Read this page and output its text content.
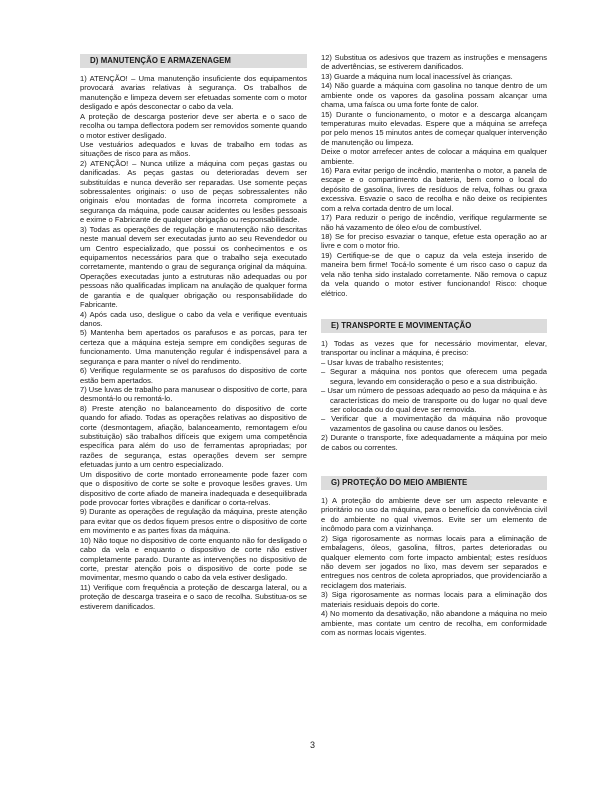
D) MANUTENÇÃO E ARMAZENAGEM

1) ATENÇÃO! – Uma manutenção insuficiente dos equipamentos provocará avarias relativas à segurança. Os trabalhos de manutenção e limpeza devem ser efetuadas somente com o motor desligado e após desconectar o cabo da vela.

A proteção de descarga posterior deve ser aberta e o saco de recolha ou tampa deflectora podem ser removidos somente quando o motor estiver desligado.

Use vestuários adequados e luvas de trabalho em todas as situações de risco para as mãos.

2) ATENÇÃO! – Nunca utilize a máquina com peças gastas ou danificadas. As peças gastas ou deterioradas devem ser substituídas e nunca deverão ser reparadas. Use somente peças sobressalentes originais: o uso de peças sobressalentes não originais e/ou montadas de forma incorreta compromete a segurança da máquina, pode causar acidentes ou lesões pessoais e exime o Fabricante de qualquer obrigação ou responsabilidade.

3) Todas as operações de regulação e manutenção não descritas neste manual devem ser executadas junto ao seu Revendedor ou um Centro especializado, que possui os conhecimentos e os equipamentos necessários para que o trabalho seja executado corretamente, mantendo o grau de segurança original da máquina. Operações executadas junto a estruturas não adequadas ou por pessoas não qualificadas implicam na anulação de qualquer forma de garantia e de qualquer obrigação ou responsabilidade do Fabricante.

4) Após cada uso, desligue o cabo da vela e verifique eventuais danos.

5) Mantenha bem apertados os parafusos e as porcas, para ter certeza que a máquina esteja sempre em condições seguras de funcionamento. Uma manutenção regular é indispensável para a segurança e para manter o nível do rendimento.

6) Verifique regularmente se os parafusos do dispositivo de corte estão bem apertados.

7) Use luvas de trabalho para manusear o dispositivo de corte, para desmontá-lo ou remontá-lo.

8) Preste atenção no balanceamento do dispositivo de corte quando for afiado. Todas as operações relativas ao dispositivo de corte (desmontagem, afiação, balanceamento, remontagem e/ou substituição) são trabalhos difíceis que exigem uma competência específica para além do uso de ferramentas apropriadas; por razões de segurança, estas operações devem ser sempre efetuadas junto a um centro especializado.

Um dispositivo de corte montado erroneamente pode fazer com que o dispositivo de corte se solte e provoque lesões graves. Um dispositivo de corte afiado de maneira inadequada e desequilibrada pode provocar fortes vibrações e danificar o corta-relvas.

9) Durante as operações de regulação da máquina, preste atenção para evitar que os dedos fiquem presos entre o dispositivo de corte em movimento e as partes fixas da máquina.

10) Não toque no dispositivo de corte enquanto não for desligado o cabo da vela e enquanto o dispositivo de corte não estiver completamente parado. Durante as intervenções no dispositivo de corte, prestar atenção pois o dispositivo de corte pode se movimentar, mesmo quando o cabo da vela estiver desligado.

11) Verifique com frequência a proteção de descarga lateral, ou a proteção de descarga traseira e o saco de recolha. Substitua-os se estiverem danificados.

12) Substitua os adesivos que trazem as instruções e mensagens de advertências, se estiverem danificados.

13) Guarde a máquina num local inacessível às crianças.

14) Não guarde a máquina com gasolina no tanque dentro de um ambiente onde os vapores da gasolina possam alcançar uma chama, uma faísca ou uma forte fonte de calor.

15) Durante o funcionamento, o motor e a descarga alcançam temperaturas muito elevadas. Espere que a máquina se arrefeça por pelo menos 15 minutos antes de começar qualquer intervenção de manutenção ou limpeza.

Deixe o motor arrefecer antes de colocar a máquina em qualquer ambiente.

16) Para evitar perigo de incêndio, mantenha o motor, a panela de escape e o compartimento da bateria, bem como o local do depósito de gasolina, livres de resíduos de relva, folhas ou graxa excessiva. Esvazie o saco de recolha e não deixe os recipientes com a relva cortada dentro de um local.

17) Para reduzir o perigo de incêndio, verifique regularmente se não há vazamento de óleo e/ou de combustível.

18) Se for preciso esvaziar o tanque, efetue esta operação ao ar livre e com o motor frio.

19) Certifique-se de que o capuz da vela esteja inserido de maneira bem firme! Tocá-lo somente é um risco caso o capuz da vela não tenha sido instalado corretamente. Não remova o capuz da vela quando o motor estiver funcionando! Risco: choque elétrico.

E) TRANSPORTE E MOVIMENTAÇÃO

1) Todas as vezes que for necessário movimentar, elevar, transportar ou inclinar a máquina, é preciso:

– Usar luvas de trabalho resistentes;

– Segurar a máquina nos pontos que oferecem uma pegada segura, levando em consideração o peso e a sua distribuição.

– Usar um número de pessoas adequado ao peso da máquina e às características do meio de transporte ou do lugar no qual deve ser colocada ou do qual deve ser removida.

– Verificar que a movimentação da máquina não provoque vazamentos de gasolina ou cause danos ou lesões.

2) Durante o transporte, fixe adequadamente a máquina por meio de cabos ou correntes.

G) PROTEÇÃO DO MEIO AMBIENTE

1) A proteção do ambiente deve ser um aspecto relevante e prioritário no uso da máquina, para o benefício da convivência civil e do ambiente no qual vivemos. Evite ser um elemento de incômodo para com a vizinhança.

2) Siga rigorosamente as normas locais para a eliminação de embalagens, óleos, gasolina, filtros, partes deterioradas ou qualquer elemento com forte impacto ambiental; estes resíduos não devem ser jogados no lixo, mas devem ser separados e entregues nos centros de coleta apropriados, que providenciarão a reciclagem dos materiais.

3) Siga rigorosamente as normas locais para a eliminação dos materiais residuais depois do corte.

4) No momento da desativação, não abandone a máquina no meio ambiente, mas contate um centro de recolha, em conformidade com as normas locais vigentes.

3
